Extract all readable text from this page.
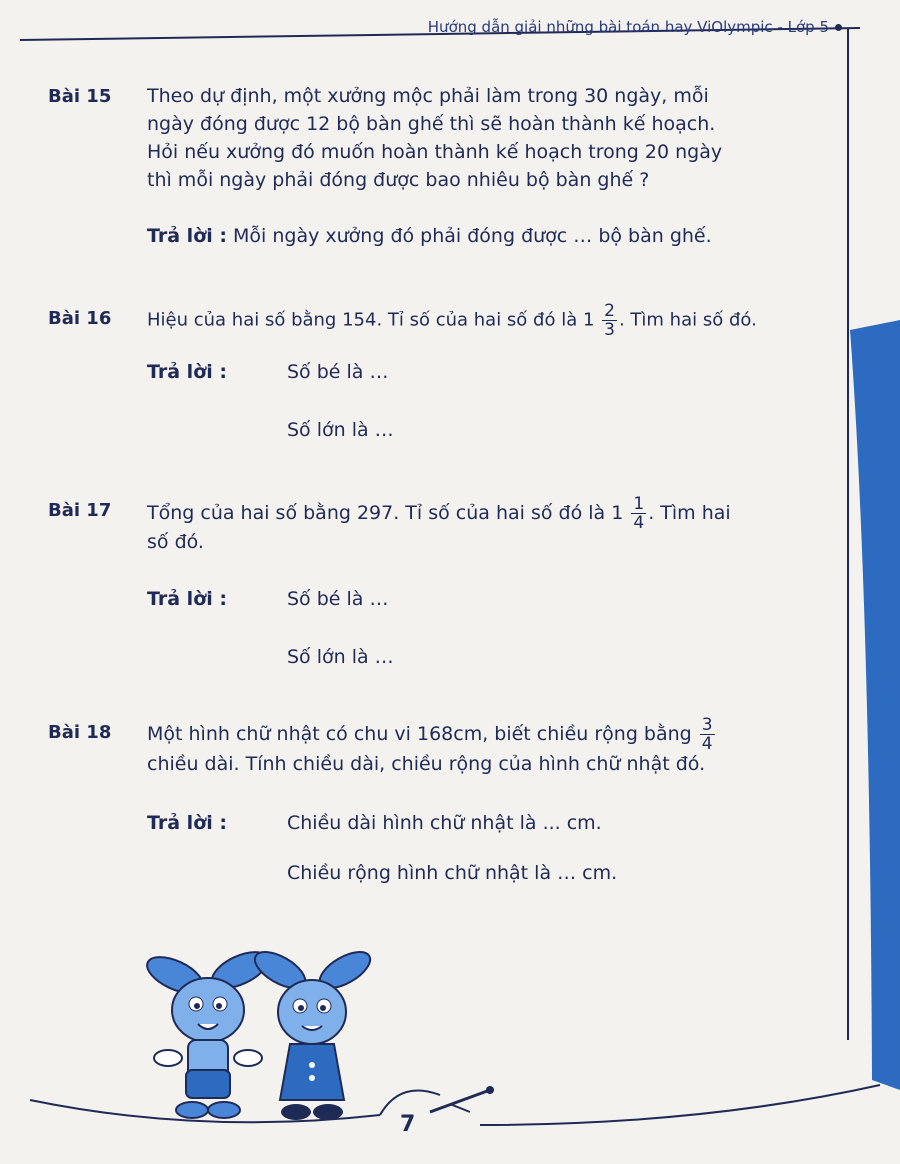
Hướng dẫn giải những bài toán hay ViOlympic - Lớp 5
Bài 15 Theo dự định, một xưởng mộc phải làm trong 30 ngày, mỗi
ngày đóng được 12 bộ bàn ghế thì sẽ hoàn thành kế hoạch.
Hỏi nếu xưởng đó muốn hoàn thành kế hoạch trong 20 ngày
thì mỗi ngày phải đóng được bao nhiêu bộ bàn ghế ?
Trả lời : Mỗi ngày xưởng đó phải đóng được … bộ bàn ghế.
Bài 16 Hiệu của hai số bằng 154. Tỉ số của hai số đó là $1 \frac{2}{3}$ . Tìm hai số đó.
Trả lời :	Số bé là …
Số lớn là …
Bài 17 Tổng của hai số bằng 297. Tỉ số của hai số đó là $1 \frac{1}{4}$ . Tìm hai
số đó.
Trả lời :	Số bé là …
Số lớn là …
Bài 18 Một hình chữ nhật có chu vi 168cm, biết chiều rộng bằng $\frac{3}{4}$
chiều dài. Tính chiều dài, chiều rộng của hình chữ nhật đó.
Trả lời :	Chiều dài hình chữ nhật là ... cm.
Chiều rộng hình chữ nhật là … cm.
7
